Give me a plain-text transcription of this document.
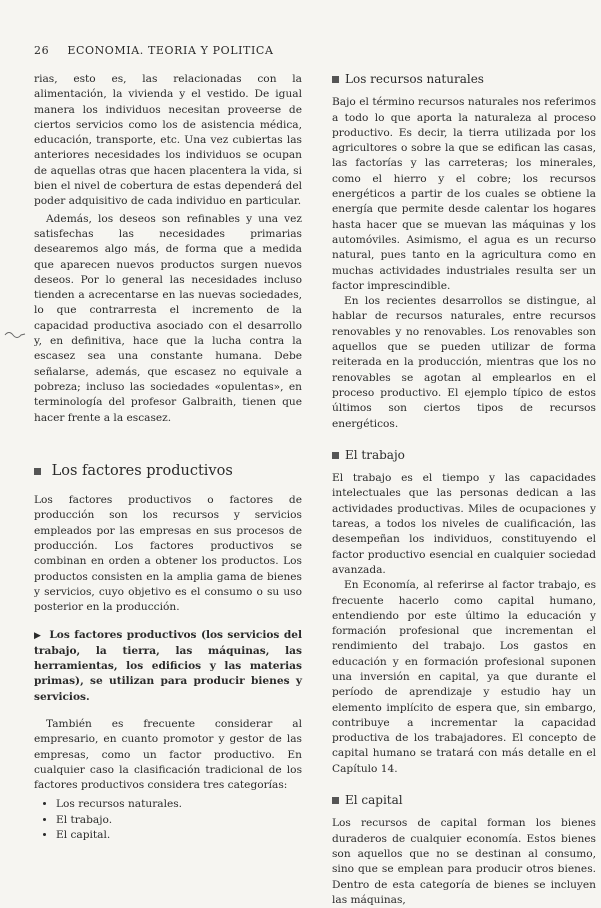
26 ECONOMIA. TEORIA Y POLITICA

rias, esto es, las relacionadas con la alimentación, la vivienda y el vestido. De igual manera los individuos necesitan proveerse de ciertos servicios como los de asistencia médica, educación, transporte, etc. Una vez cubiertas las anteriores necesidades los individuos se ocupan de aquellas otras que hacen placentera la vida, si bien el nivel de cobertura de estas dependerá del poder adquisitivo de cada individuo en particular.

Además, los deseos son refinables y una vez satisfechas las necesidades primarias desearemos algo más, de forma que a medida que aparecen nuevos productos surgen nuevos deseos. Por lo general las necesidades incluso tienden a acrecentarse en las nuevas sociedades, lo que contrarresta el incremento de la capacidad productiva asociado con el desarrollo y, en definitiva, hace que la lucha contra la escasez sea una constante humana. Debe señalarse, además, que escasez no equivale a pobreza; incluso las sociedades «opulentas», en terminología del profesor Galbraith, tienen que hacer frente a la escasez.

Los factores productivos

Los factores productivos o factores de producción son los recursos y servicios empleados por las empresas en sus procesos de producción. Los factores productivos se combinan en orden a obtener los productos. Los productos consisten en la amplia gama de bienes y servicios, cuyo objetivo es el consumo o su uso posterior en la producción.

▶ Los factores productivos (los servicios del trabajo, la tierra, las máquinas, las herramientas, los edificios y las materias primas), se utilizan para producir bienes y servicios.

También es frecuente considerar al empresario, en cuanto promotor y gestor de las empresas, como un factor productivo. En cualquier caso la clasificación tradicional de los factores productivos considera tres categorías:

• Los recursos naturales.
• El trabajo.
• El capital.
Los recursos naturales

Bajo el término recursos naturales nos referimos a todo lo que aporta la naturaleza al proceso productivo. Es decir, la tierra utilizada por los agricultores o sobre la que se edifican las casas, las factorías y las carreteras; los minerales, como el hierro y el cobre; los recursos energéticos a partir de los cuales se obtiene la energía que permite desde calentar los hogares hasta hacer que se muevan las máquinas y los automóviles. Asimismo, el agua es un recurso natural, pues tanto en la agricultura como en muchas actividades industriales resulta ser un factor imprescindible.

En los recientes desarrollos se distingue, al hablar de recursos naturales, entre recursos renovables y no renovables. Los renovables son aquellos que se pueden utilizar de forma reiterada en la producción, mientras que los no renovables se agotan al emplearlos en el proceso productivo. El ejemplo típico de estos últimos son ciertos tipos de recursos energéticos.

El trabajo

El trabajo es el tiempo y las capacidades intelectuales que las personas dedican a las actividades productivas. Miles de ocupaciones y tareas, a todos los niveles de cualificación, las desempeñan los individuos, constituyendo el factor productivo esencial en cualquier sociedad avanzada.

En Economía, al referirse al factor trabajo, es frecuente hacerlo como capital humano, entendiendo por este último la educación y formación profesional que incrementan el rendimiento del trabajo. Los gastos en educación y en formación profesional suponen una inversión en capital, ya que durante el período de aprendizaje y estudio hay un elemento implícito de espera que, sin embargo, contribuye a incrementar la capacidad productiva de los trabajadores. El concepto de capital humano se tratará con más detalle en el Capítulo 14.

El capital

Los recursos de capital forman los bienes duraderos de cualquier economía. Estos bienes son aquellos que no se destinan al consumo, sino que se emplean para producir otros bienes. Dentro de esta categoría de bienes se incluyen las máquinas,
